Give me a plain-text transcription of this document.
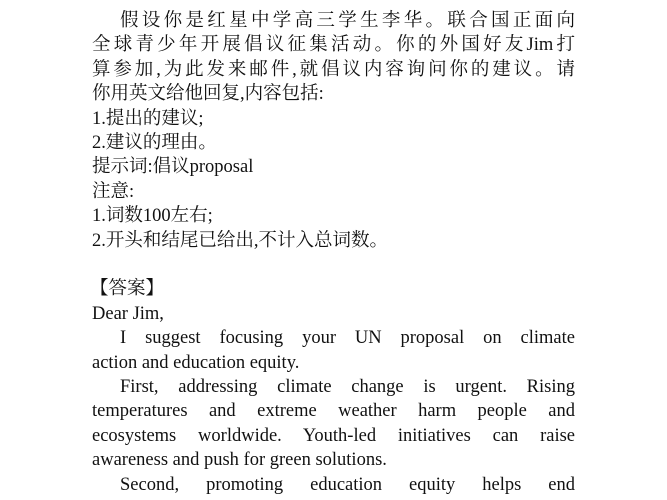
假设你是红星中学高三学生李华。联合国正面向

全球青少年开展倡议征集活动。你的外国好友Jim打

算参加,为此发来邮件,就倡议内容询问你的建议。请

你用英文给他回复,内容包括:

1.提出的建议;

2.建议的理由。

提示词:倡议proposal

注意:

1.词数100左右;

2.开头和结尾已给出,不计入总词数。

【答案】

Dear Jim,

I suggest focusing your UN proposal on climate

action and education equity.

First, addressing climate change is urgent. Rising

temperatures and extreme weather harm people and

ecosystems worldwide. Youth-led initiatives can raise

awareness and push for green solutions.

Second, promoting education equity helps end
